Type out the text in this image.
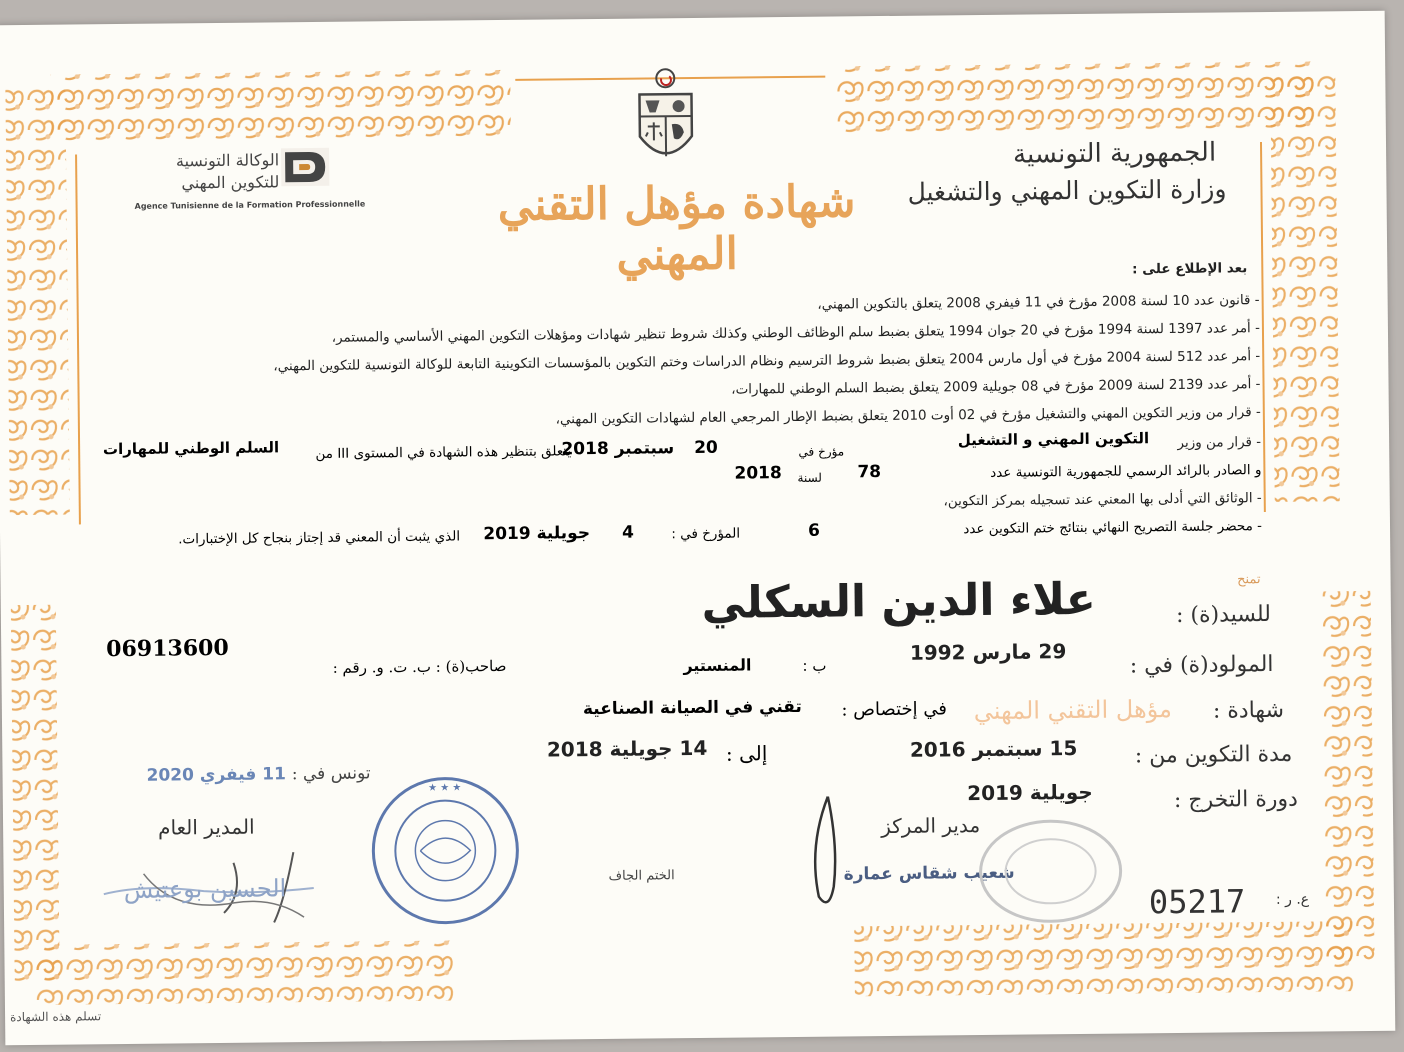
الجمهورية التونسية
وزارة التكوين المهني والتشغيل
الوكالة التونسية
للتكوين المهني
Agence Tunisienne de la Formation Professionnelle	شهادة مؤهل التقني المهني	بعد الإطلاع على :
- قانون عدد 10 لسنة 2008 مؤرخ في 11 فيفري 2008 يتعلق بالتكوين المهني،
- أمر عدد 1397 لسنة 1994 مؤرخ في 20 جوان 1994 يتعلق بضبط سلم الوظائف الوطني وكذلك شروط تنظير شهادات ومؤهلات التكوين المهني الأساسي والمستمر،
- أمر عدد 512 لسنة 2004 مؤرخ في أول مارس 2004 يتعلق بضبط شروط الترسيم ونظام الدراسات وختم التكوين بالمؤسسات التكوينية التابعة للوكالة التونسية للتكوين المهني،
- أمر عدد 2139 لسنة 2009 مؤرخ في 08 جويلية 2009 يتعلق بضبط السلم الوطني للمهارات،
- قرار من وزير التكوين المهني والتشغيل مؤرخ في 02 أوت 2010 يتعلق بضبط الإطار المرجعي العام لشهادات التكوين المهني،
- قرار من وزير
التكوين المهني و التشغيل
مؤرخ في
20
سبتمبر 2018
يتعلق بتنظير هذه الشهادة في المستوى III من
السلم الوطني للمهارات
و الصادر بالرائد الرسمي للجمهورية التونسية عدد
78
لسنة
2018
- الوثائق التي أدلى بها المعني عند تسجيله بمركز التكوين،
- محضر جلسة التصريح النهائي بنتائج ختم التكوين عدد
6
المؤرخ في :
4
جويلية 2019
الذي يثبت أن المعني قد إجتاز بنجاح كل الإختبارات.
تمنح
للسيد(ة) :
علاء الدين السكلي
المولود(ة) في :
29 مارس 1992
ب :
المنستير
صاحب(ة) : ب. ت. و. رقم :
06913600
شهادة :
مؤهل التقني المهني
في إختصاص :
تقني في الصيانة الصناعية
مدة التكوين من :
15 سبتمبر 2016
إلى :
14 جويلية 2018
دورة التخرج :
جويلية 2019
تونس في : 11 فيفري 2020
المدير العام
الحسين بوعتيش
★ ★ ★
الختم الجاف
مدير المركز
شعيب شقاس عمارة
05217 ع. ر :
تسلم هذه الشهادة
